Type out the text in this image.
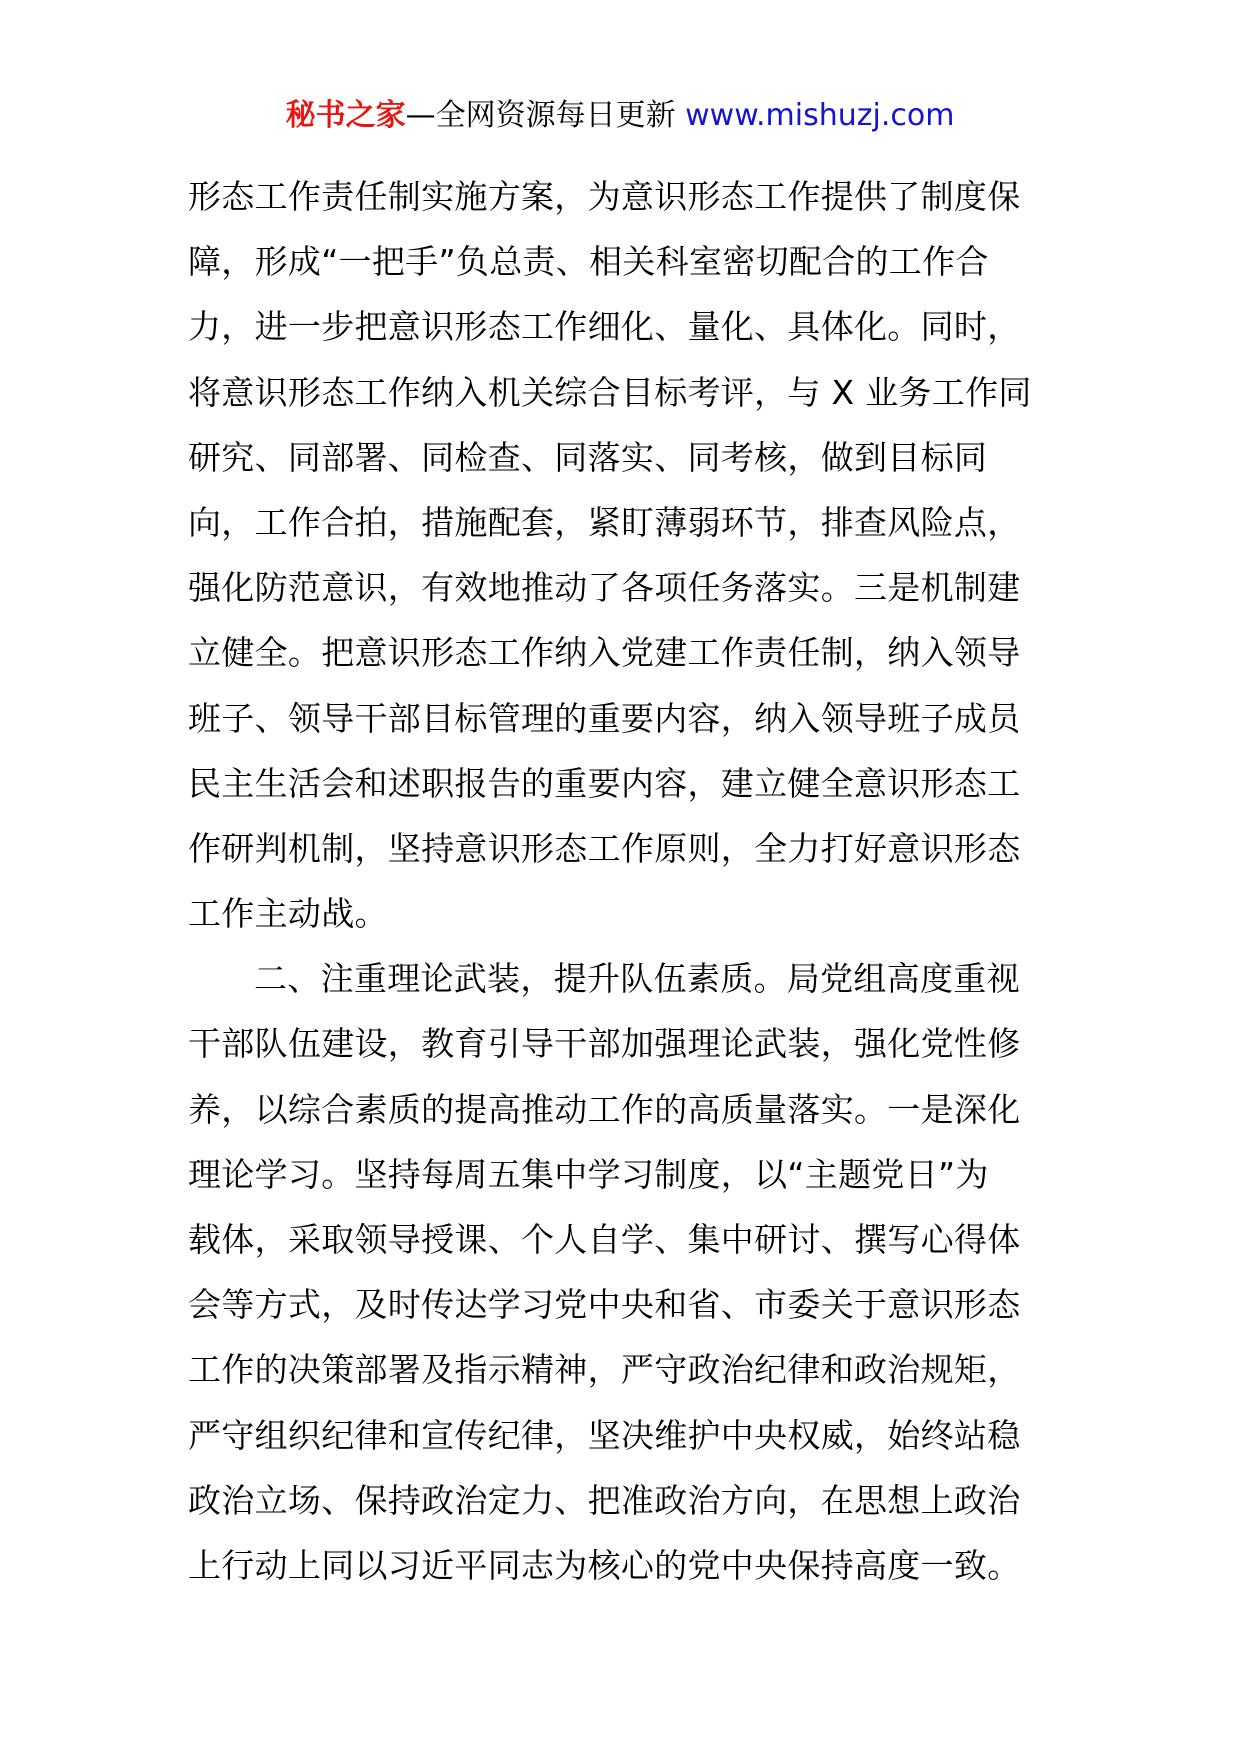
秘书之家—全网资源每日更新 www.mishuzj.com
形态工作责任制实施方案，为意识形态工作提供了制度保
障，形成“一把手”负总责、相关科室密切配合的工作合
力，进一步把意识形态工作细化、量化、具体化。同时，
将意识形态工作纳入机关综合目标考评，与 X 业务工作同
研究、同部署、同检查、同落实、同考核，做到目标同
向，工作合拍，措施配套，紧盯薄弱环节，排查风险点，
强化防范意识，有效地推动了各项任务落实。三是机制建
立健全。把意识形态工作纳入党建工作责任制，纳入领导
班子、领导干部目标管理的重要内容，纳入领导班子成员
民主生活会和述职报告的重要内容，建立健全意识形态工
作研判机制，坚持意识形态工作原则，全力打好意识形态
工作主动战。
二、注重理论武装，提升队伍素质。局党组高度重视
干部队伍建设，教育引导干部加强理论武装，强化党性修
养，以综合素质的提高推动工作的高质量落实。一是深化
理论学习。坚持每周五集中学习制度，以“主题党日”为
载体，采取领导授课、个人自学、集中研讨、撰写心得体
会等方式，及时传达学习党中央和省、市委关于意识形态
工作的决策部署及指示精神，严守政治纪律和政治规矩，
严守组织纪律和宣传纪律，坚决维护中央权威，始终站稳
政治立场、保持政治定力、把准政治方向，在思想上政治
上行动上同以习近平同志为核心的党中央保持高度一致。
